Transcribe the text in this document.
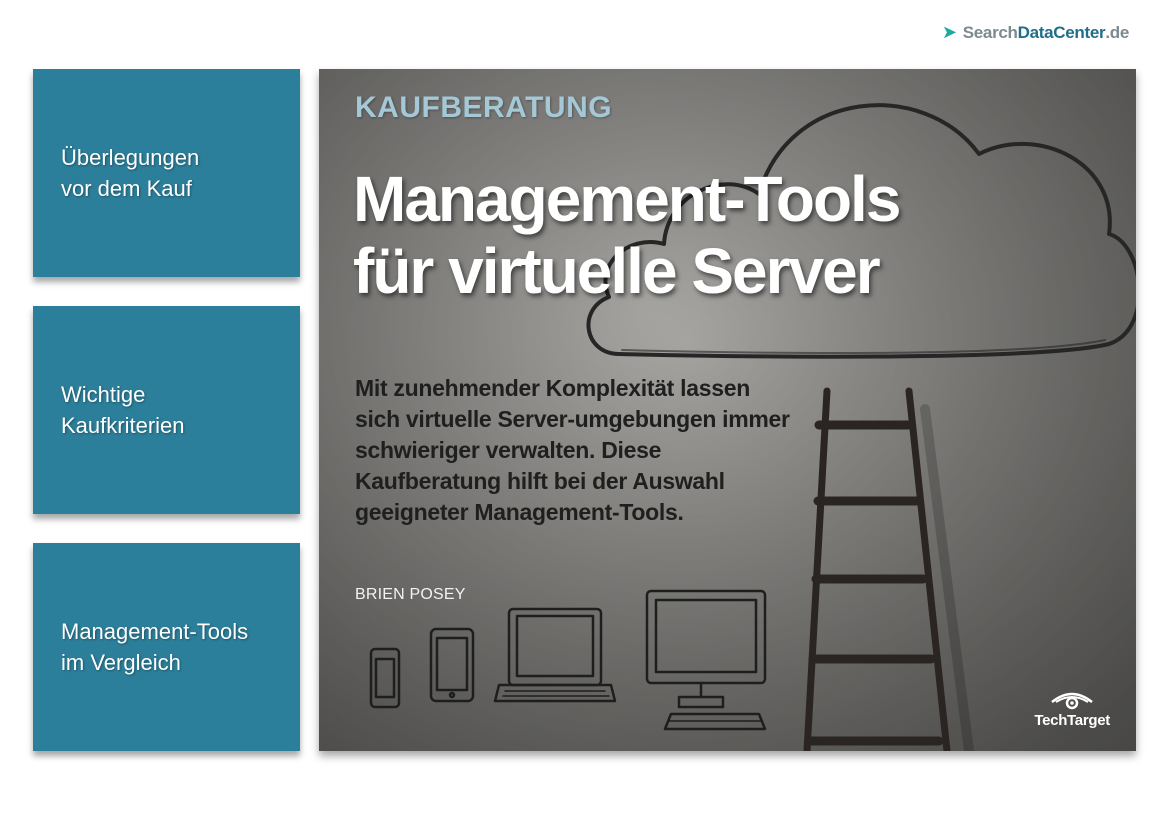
➤ Search DataCenter .de
Überlegungen
vor dem Kauf
Wichtige
Kaufkriterien
Management-Tools
im Vergleich
KAUFBERATUNG
Management-Tools
für virtuelle Server
Mit zunehmender Komplexität lassen sich virtuelle Server-umgebungen immer schwieriger verwalten. Diese Kaufberatung hilft bei der Auswahl geeigneter Management-Tools.
BRIEN POSEY
TechTarget
